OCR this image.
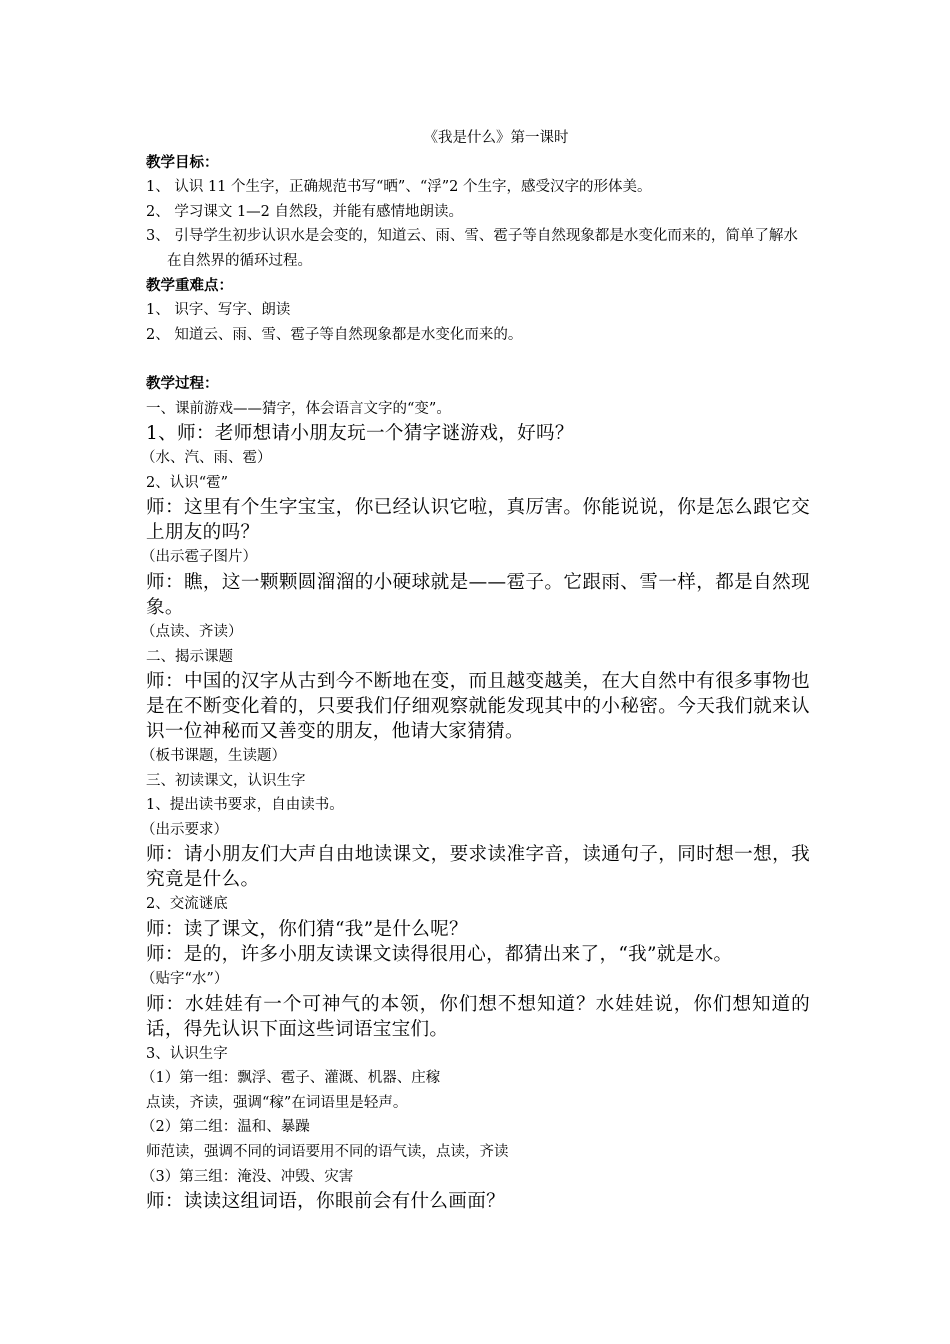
《我是什么》第一课时
教学目标：
1、 认识 11 个生字，正确规范书写“晒”、“浮”2 个生字，感受汉字的形体美。
2、 学习课文 1—2 自然段，并能有感情地朗读。
3、 引导学生初步认识水是会变的，知道云、雨、雪、雹子等自然现象都是水变化而来的，简单了解水在自然界的循环过程。
教学重难点：
1、 识字、写字、朗读
2、 知道云、雨、雪、雹子等自然现象都是水变化而来的。
教学过程：
一、课前游戏——猜字，体会语言文字的“变”。
1、师：老师想请小朋友玩一个猜字谜游戏，好吗？
（水、汽、雨、雹）
2、认识“雹”
师：这里有个生字宝宝，你已经认识它啦，真厉害。你能说说，你是怎么跟它交上朋友的吗？
（出示雹子图片）
师：瞧，这一颗颗圆溜溜的小硬球就是——雹子。它跟雨、雪一样，都是自然现象。
（点读、齐读）
二、揭示课题
师：中国的汉字从古到今不断地在变，而且越变越美，在大自然中有很多事物也是在不断变化着的，只要我们仔细观察就能发现其中的小秘密。今天我们就来认识一位神秘而又善变的朋友，他请大家猜猜。
（板书课题，生读题）
三、初读课文，认识生字
1、提出读书要求，自由读书。
（出示要求）
师：请小朋友们大声自由地读课文，要求读准字音，读通句子，同时想一想，我究竟是什么。
2、交流谜底
师：读了课文，你们猜“我”是什么呢？
师：是的，许多小朋友读课文读得很用心，都猜出来了，“我”就是水。
（贴字“水”）
师：水娃娃有一个可神气的本领，你们想不想知道？水娃娃说，你们想知道的话，得先认识下面这些词语宝宝们。
3、认识生字
（1）第一组：飘浮、雹子、灌溉、机器、庄稼
点读，齐读，强调“稼”在词语里是轻声。
（2）第二组：温和、暴躁
师范读，强调不同的词语要用不同的语气读，点读，齐读
（3）第三组：淹没、冲毁、灾害
师：读读这组词语，你眼前会有什么画面？
